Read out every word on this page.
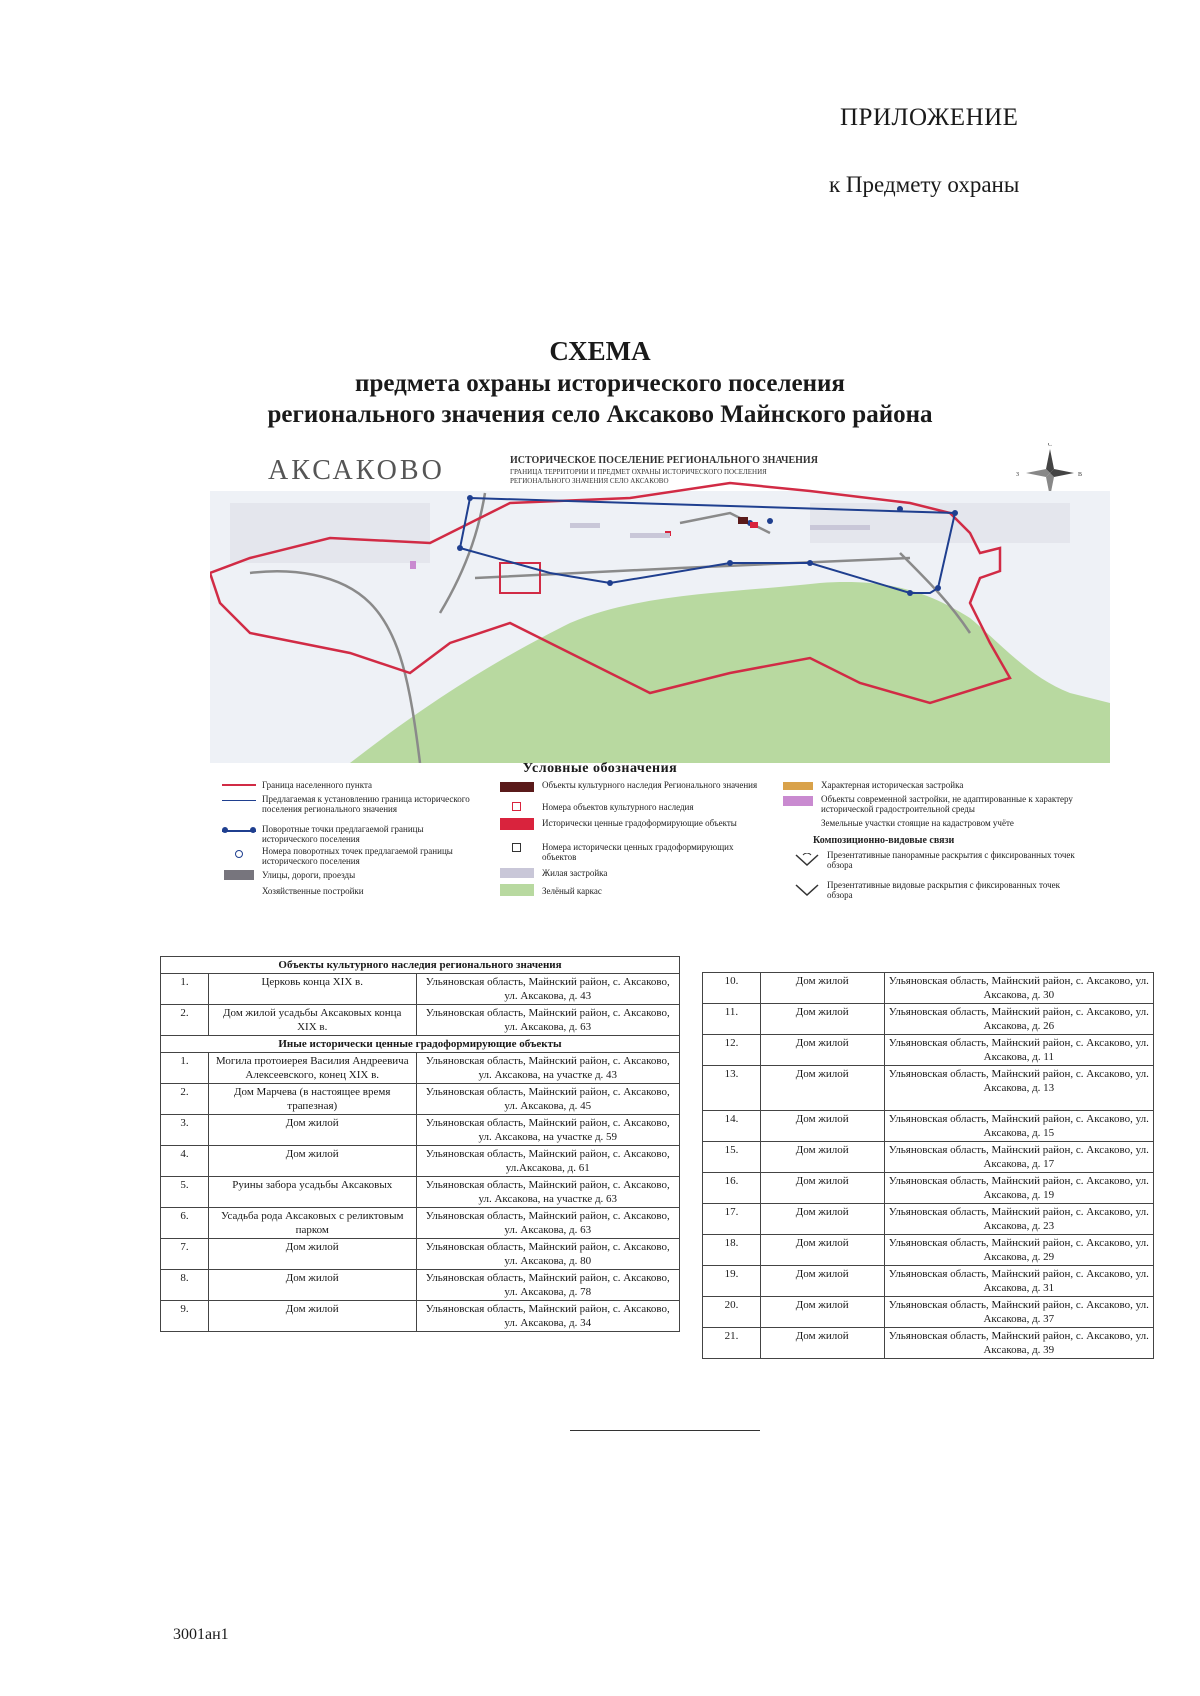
ПРИЛОЖЕНИЕ
к Предмету охраны
СХЕМА
предмета охраны исторического поселения
регионального значения село Аксаково Майнского района
АКСАКОВО	ИСТОРИЧЕСКОЕ ПОСЕЛЕНИЕ РЕГИОНАЛЬНОГО ЗНАЧЕНИЯ
ГРАНИЦА ТЕРРИТОРИИ И ПРЕДМЕТ ОХРАНЫ ИСТОРИЧЕСКОГО ПОСЕЛЕНИЯ
РЕГИОНАЛЬНОГО ЗНАЧЕНИЯ СЕЛО АКСАКОВО
С
З	В
Условные обозначения
Граница населенного пункта
Предлагаемая к установлению граница исторического поселения регионального значения
Поворотные точки предлагаемой границы исторического поселения
Номера поворотных точек предлагаемой границы исторического поселения
Улицы, дороги, проезды
Хозяйственные постройки
Объекты культурного наследия Регионального значения
Номера объектов культурного наследия
Исторически ценные градоформирующие объекты
Номера исторически ценных градоформирующих объектов
Жилая застройка
Зелёный каркас
Характерная историческая застройка
Объекты современной застройки, не адаптированные к характеру исторической градостроительной среды
Земельные участки стоящие на кадастровом учёте
Композиционно-видовые связи
Презентативные панорамные раскрытия с фиксированных точек обзора
Презентативные видовые раскрытия с фиксированных точек обзора
Объекты культурного наследия регионального значения		
1.	Церковь конца XIX в.	Ульяновская область, Майнский район, с. Аксаково, ул. Аксакова, д. 43
2.	Дом жилой усадьбы Аксаковых конца XIX в.	Ульяновская область, Майнский район, с. Аксаково, ул. Аксакова, д. 63
Иные исторически ценные градоформирующие объекты		
1.	Могила протоиерея Василия Андреевича Алексеевского, конец XIX в.	Ульяновская область, Майнский район, с. Аксаково, ул. Аксакова, на участке д. 43
2.	Дом Марчева (в настоящее время трапезная)	Ульяновская область, Майнский район, с. Аксаково, ул. Аксакова, д. 45
3.	Дом жилой	Ульяновская область, Майнский район, с. Аксаково, ул. Аксакова, на участке д. 59
4.	Дом жилой	Ульяновская область, Майнский район, с. Аксаково, ул.Аксакова, д. 61
5.	Руины забора усадьбы Аксаковых	Ульяновская область, Майнский район, с. Аксаково, ул. Аксакова, на участке д. 63
6.	Усадьба рода Аксаковых с реликтовым парком	Ульяновская область, Майнский район, с. Аксаково, ул. Аксакова, д. 63
7.	Дом жилой	Ульяновская область, Майнский район, с. Аксаково, ул. Аксакова, д. 80
8.	Дом жилой	Ульяновская область, Майнский район, с. Аксаково, ул. Аксакова, д. 78
9.	Дом жилой	Ульяновская область, Майнский район, с. Аксаково, ул. Аксакова, д. 34
10.	Дом жилой	Ульяновская область, Майнский район, с. Аксаково, ул. Аксакова, д. 30
11.	Дом жилой	Ульяновская область, Майнский район, с. Аксаково, ул. Аксакова, д. 26
12.	Дом жилой	Ульяновская область, Майнский район, с. Аксаково, ул. Аксакова, д. 11
13.	Дом жилой	Ульяновская область, Майнский район, с. Аксаково, ул. Аксакова, д. 13
14.	Дом жилой	Ульяновская область, Майнский район, с. Аксаково, ул. Аксакова, д. 15
15.	Дом жилой	Ульяновская область, Майнский район, с. Аксаково, ул. Аксакова, д. 17
16.	Дом жилой	Ульяновская область, Майнский район, с. Аксаково, ул. Аксакова, д. 19
17.	Дом жилой	Ульяновская область, Майнский район, с. Аксаково, ул. Аксакова, д. 23
18.	Дом жилой	Ульяновская область, Майнский район, с. Аксаково, ул. Аксакова, д. 29
19.	Дом жилой	Ульяновская область, Майнский район, с. Аксаково, ул. Аксакова, д. 31
20.	Дом жилой	Ульяновская область, Майнский район, с. Аксаково, ул. Аксакова, д. 37
21.	Дом жилой	Ульяновская область, Майнский район, с. Аксаково, ул. Аксакова, д. 39
3001ан1
